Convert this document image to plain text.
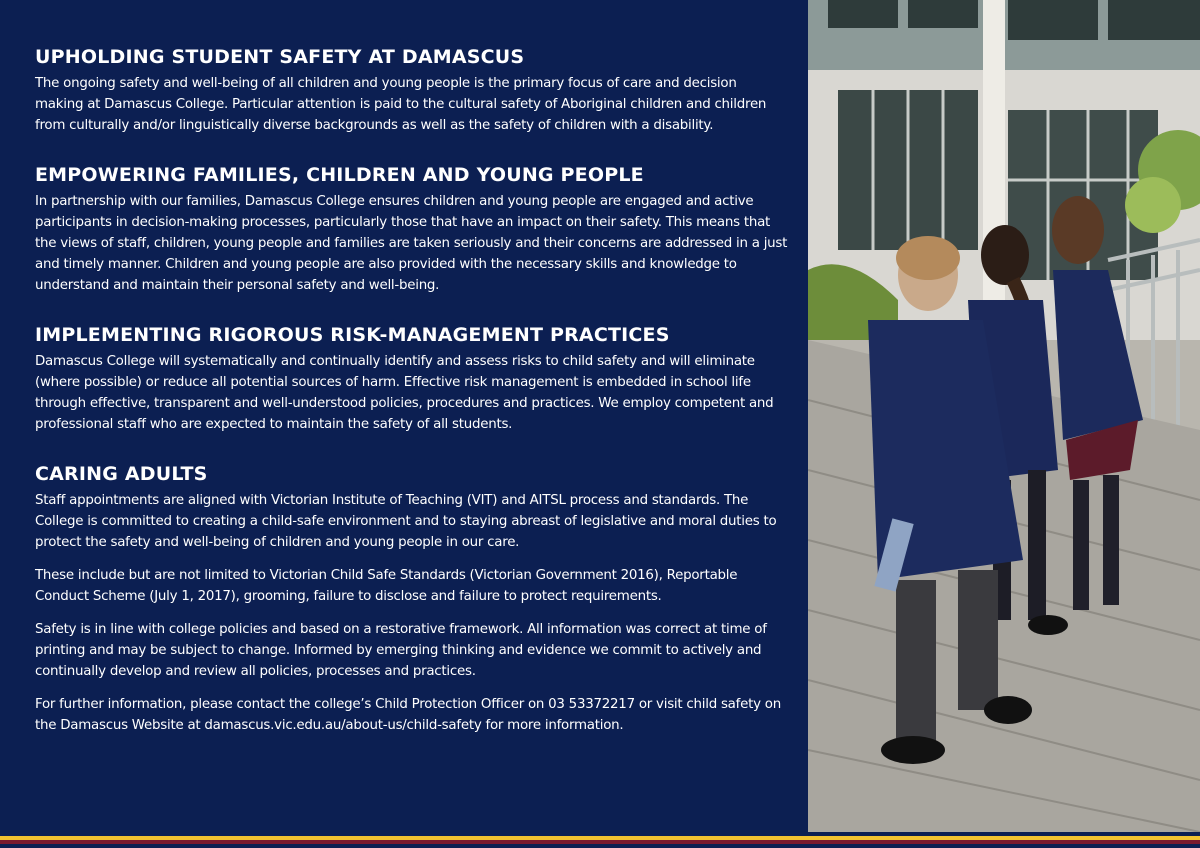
UPHOLDING STUDENT SAFETY AT DAMASCUS

The ongoing safety and well-being of all children and young people is the primary focus of care and decision making at Damascus College. Particular attention is paid to the cultural safety of Aboriginal children and children from culturally and/or linguistically diverse backgrounds as well as the safety of children with a disability.

EMPOWERING FAMILIES, CHILDREN AND YOUNG PEOPLE

In partnership with our families, Damascus College ensures children and young people are engaged and active participants in decision-making processes, particularly those that have an impact on their safety. This means that the views of staff, children, young people and families are taken seriously and their concerns are addressed in a just and timely manner. Children and young people are also provided with the necessary skills and knowledge to understand and maintain their personal safety and well-being.

IMPLEMENTING RIGOROUS RISK-MANAGEMENT PRACTICES

Damascus College will systematically and continually identify and assess risks to child safety and will eliminate (where possible) or reduce all potential sources of harm. Effective risk management is embedded in school life through effective, transparent and well-understood policies, procedures and practices. We employ competent and professional staff who are expected to maintain the safety of all students.

CARING ADULTS

Staff appointments are aligned with Victorian Institute of Teaching (VIT) and AITSL process and standards. The College is committed to creating a child-safe environment and to staying abreast of legislative and moral duties to protect the safety and well-being of children and young people in our care.

These include but are not limited to Victorian Child Safe Standards (Victorian Government 2016), Reportable Conduct Scheme (July 1, 2017), grooming, failure to disclose and failure to protect requirements.

Safety is in line with college policies and based on a restorative framework. All information was correct at time of printing and may be subject to change. Informed by emerging thinking and evidence we commit to actively and continually develop and review all policies, processes and practices.

For further information, please contact the college’s Child Protection Officer on 03 53372217 or visit child safety on the Damascus Website at damascus.vic.edu.au/about-us/child-safety for more information.
